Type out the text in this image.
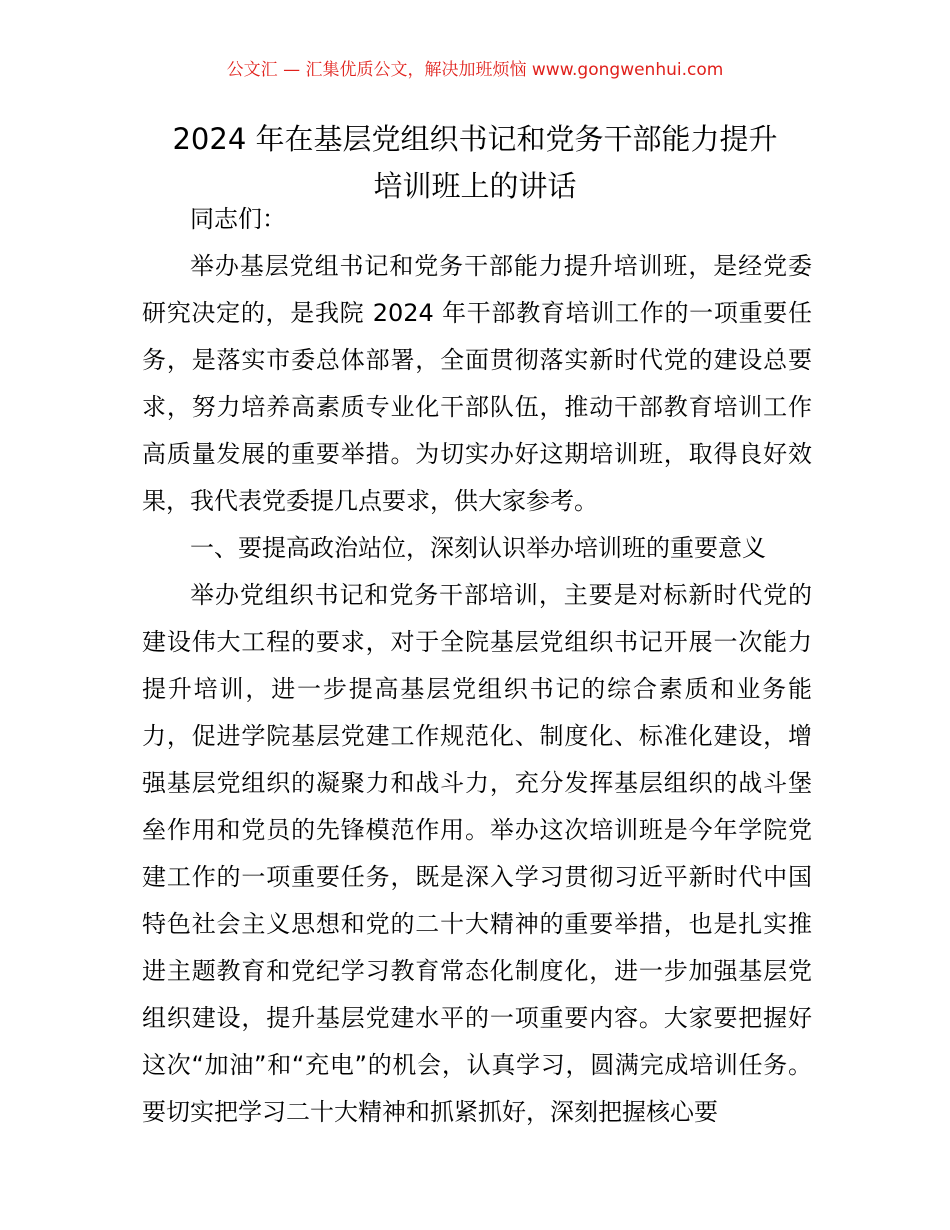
公文汇 — 汇集优质公文，解决加班烦恼 www.gongwenhui.com
2024 年在基层党组织书记和党务干部能力提升
培训班上的讲话

同志们：

举办基层党组书记和党务干部能力提升培训班，是经党委研究决定的，是我院 2024 年干部教育培训工作的一项重要任务，是落实市委总体部署，全面贯彻落实新时代党的建设总要求，努力培养高素质专业化干部队伍，推动干部教育培训工作高质量发展的重要举措。为切实办好这期培训班，取得良好效果，我代表党委提几点要求，供大家参考。

一、要提高政治站位，深刻认识举办培训班的重要意义

举办党组织书记和党务干部培训，主要是对标新时代党的建设伟大工程的要求，对于全院基层党组织书记开展一次能力提升培训，进一步提高基层党组织书记的综合素质和业务能力，促进学院基层党建工作规范化、制度化、标准化建设，增强基层党组织的凝聚力和战斗力，充分发挥基层组织的战斗堡垒作用和党员的先锋模范作用。举办这次培训班是今年学院党建工作的一项重要任务，既是深入学习贯彻习近平新时代中国特色社会主义思想和党的二十大精神的重要举措，也是扎实推进主题教育和党纪学习教育常态化制度化，进一步加强基层党组织建设，提升基层党建水平的一项重要内容。大家要把握好这次“加油”和“充电”的机会，认真学习，圆满完成培训任务。要切实把学习二十大精神和抓紧抓好，深刻把握核心要
